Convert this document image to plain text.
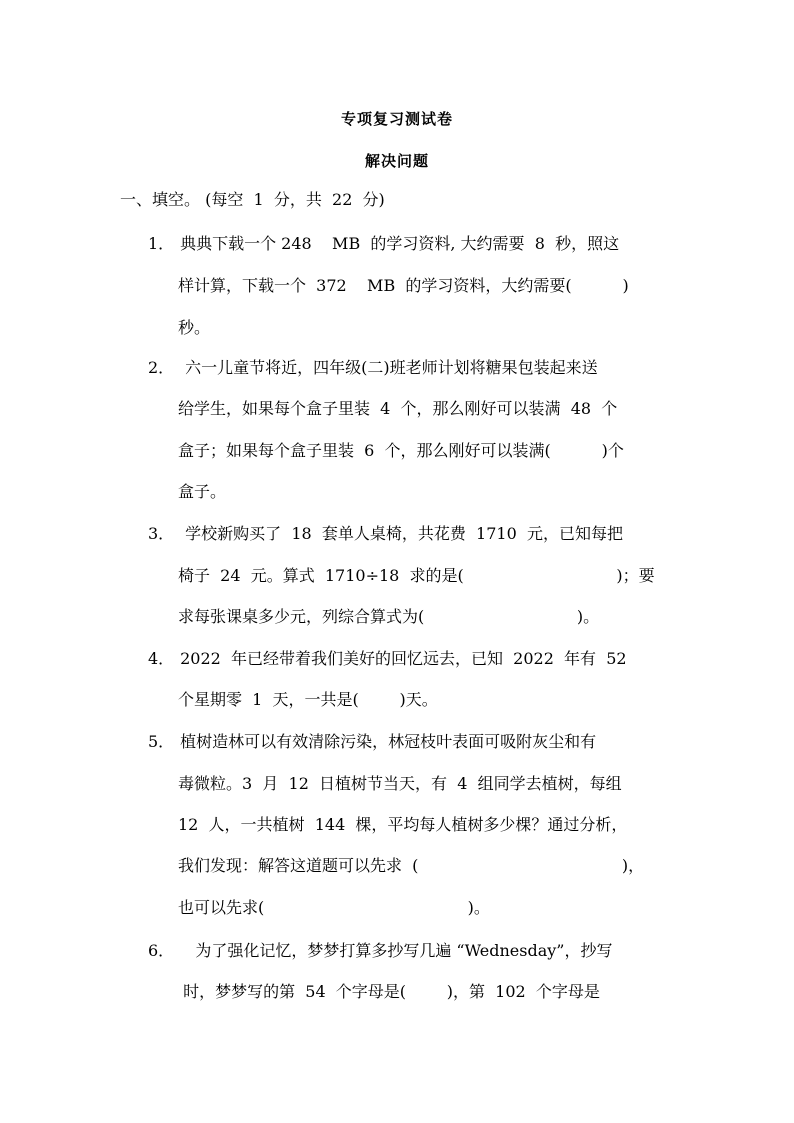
专项复习测试卷
解决问题
一、填空。 (每空  1  分，共  22  分)
1． 典典下载一个 248    MB  的学习资料, 大约需要  8  秒，照这
样计算，下载一个  372    MB  的学习资料，大约需要(          )
秒。
2． 六一儿童节将近，四年级(二)班老师计划将糖果包装起来送
给学生，如果每个盒子里装  4  个，那么刚好可以装满  48  个
盒子；如果每个盒子里装  6  个，那么刚好可以装满(          )个
盒子。
3． 学校新购买了  18  套单人桌椅，共花费  1710  元，已知每把
椅子  24  元。算式  1710÷18  求的是(                              )；要
求每张课桌多少元，列综合算式为(                              )。
4． 2022  年已经带着我们美好的回忆远去，已知  2022  年有  52
个星期零  1  天，一共是(        )天。
5． 植树造林可以有效清除污染，林冠枝叶表面可吸附灰尘和有
毒微粒。3  月  12  日植树节当天，有  4  组同学去植树，每组
12  人，一共植树  144  棵，平均每人植树多少棵？通过分析，
我们发现：解答这道题可以先求  (                                        )，
也可以先求(                                        )。
6． 为了强化记忆，梦梦打算多抄写几遍 “Wednesday”，抄写
时，梦梦写的第  54  个字母是(        )，第  102  个字母是
